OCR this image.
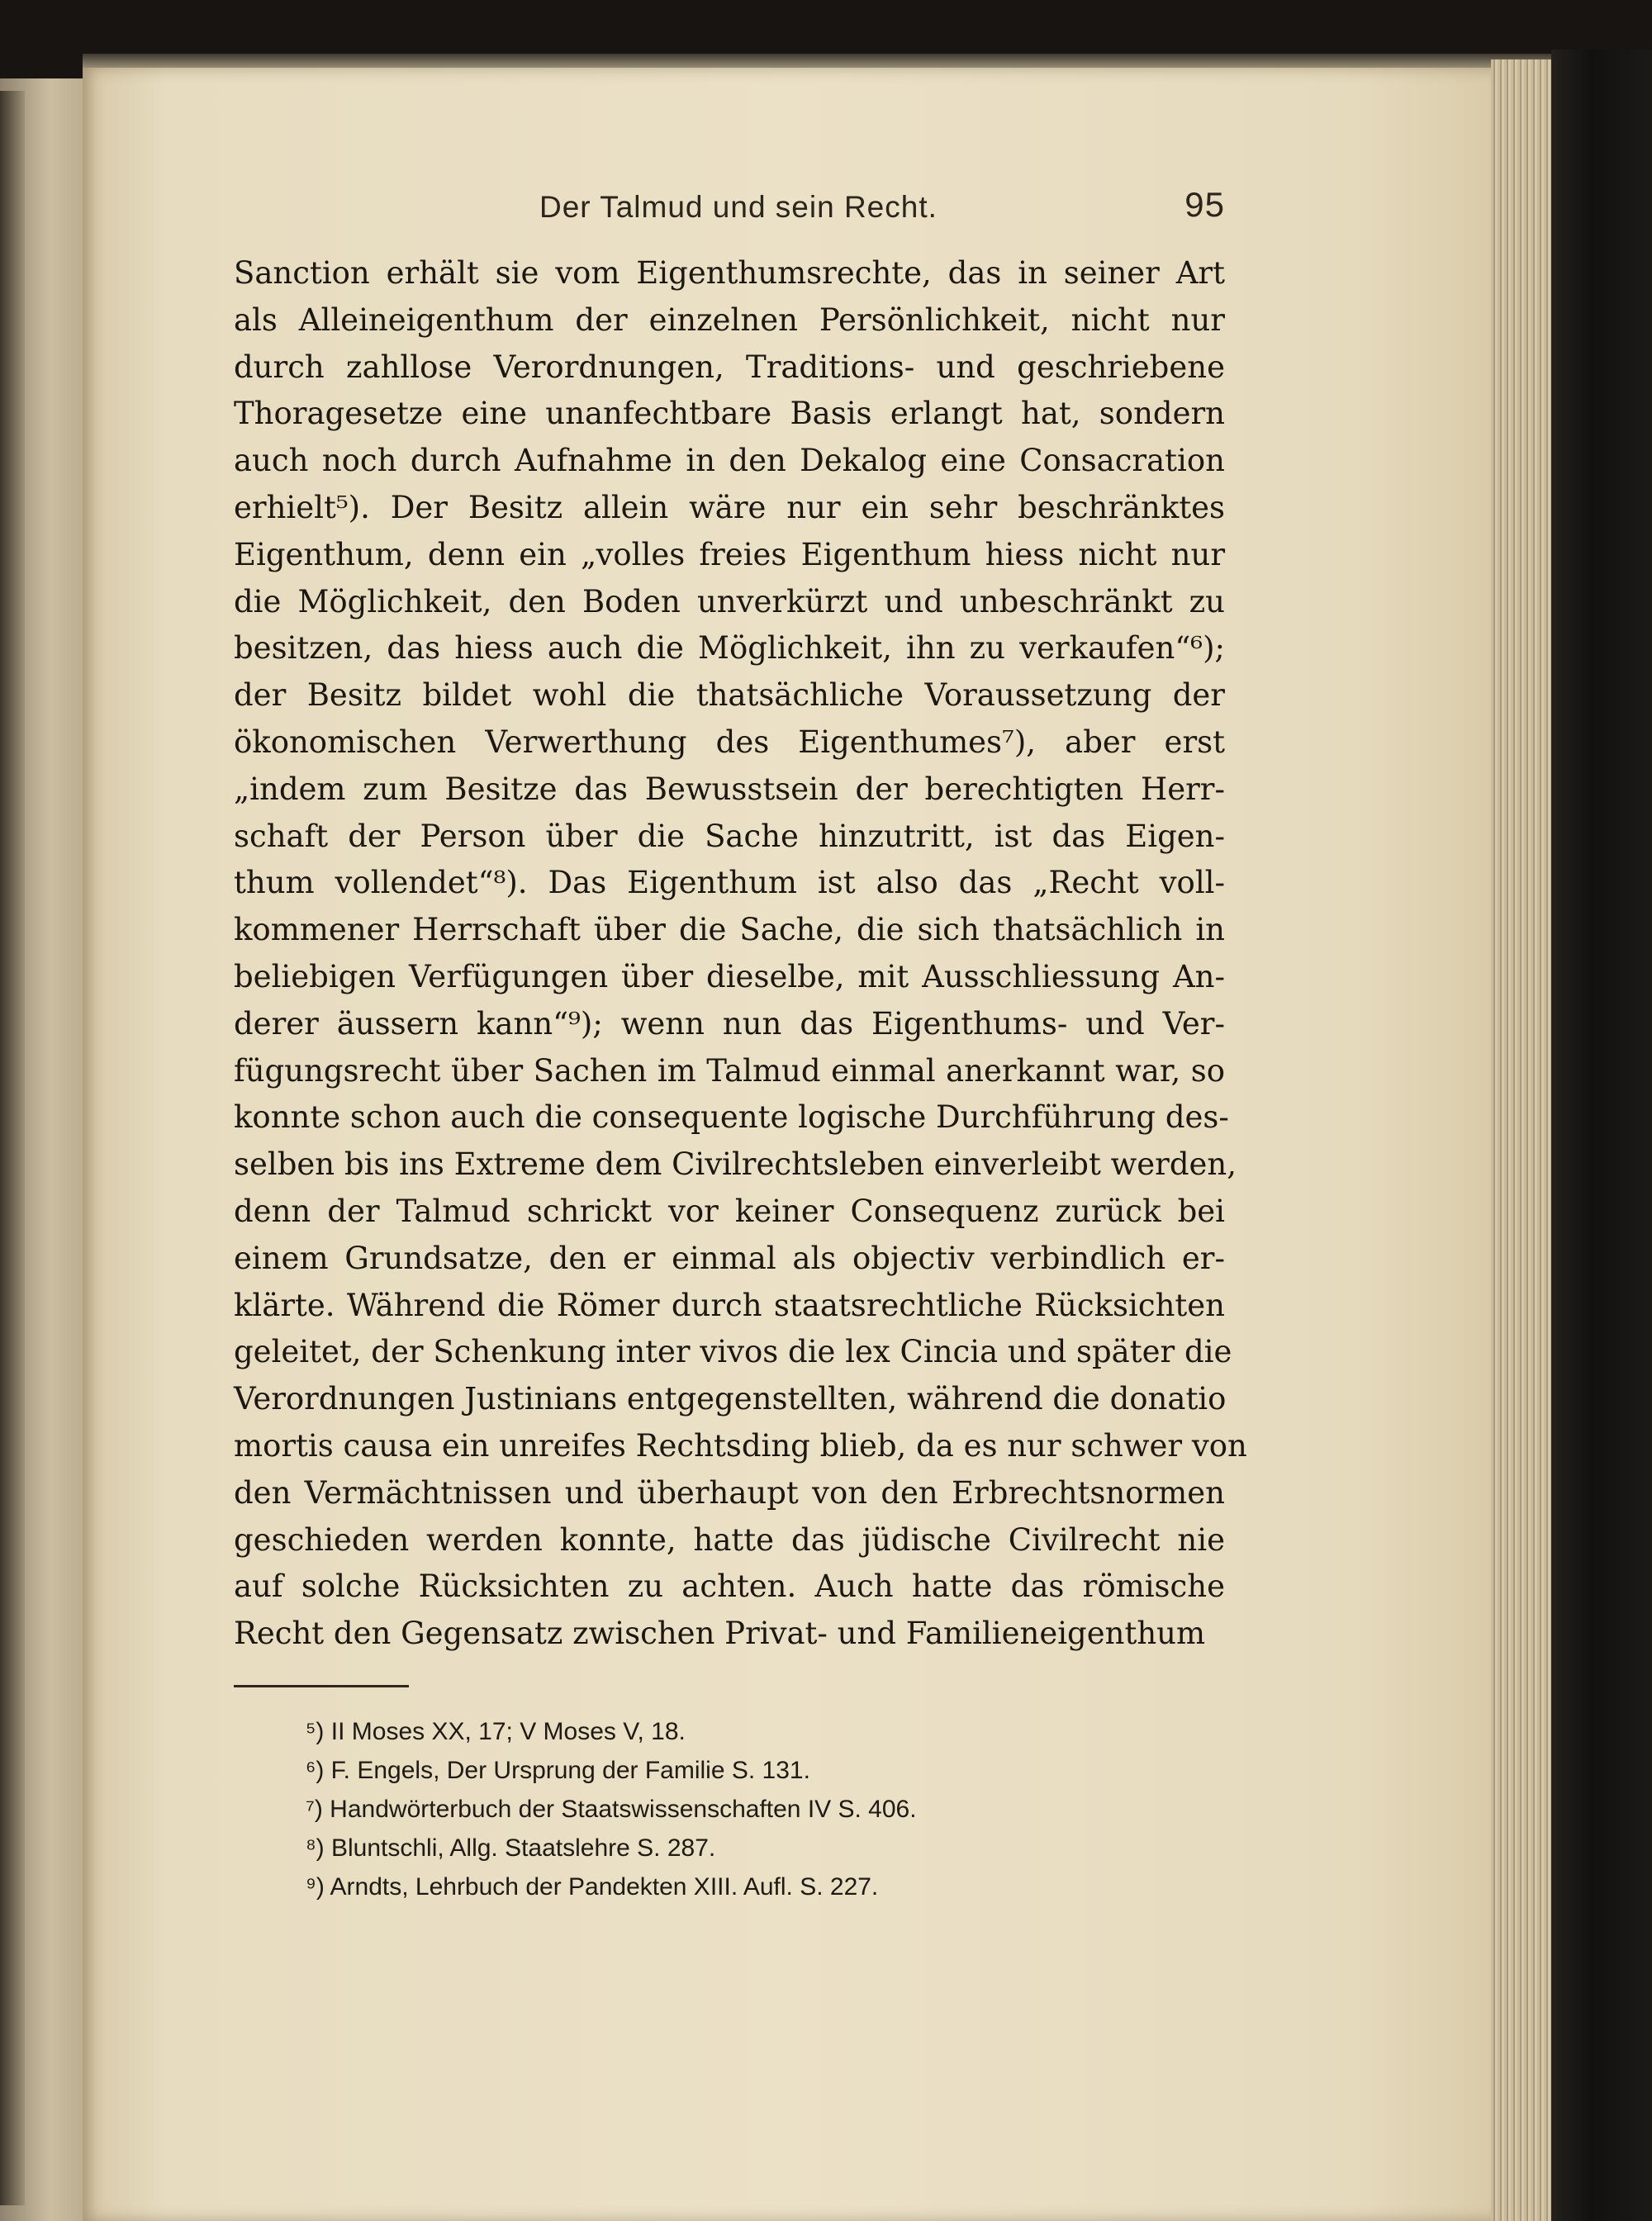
Der Talmud und sein Recht.	95
Sanction erhält sie vom Eigenthumsrechte, das in seiner Art
als Alleineigenthum der einzelnen Persönlichkeit, nicht nur
durch zahllose Verordnungen, Traditions- und geschriebene
Thoragesetze eine unanfechtbare Basis erlangt hat, sondern
auch noch durch Aufnahme in den Dekalog eine Consacration
erhielt⁵). Der Besitz allein wäre nur ein sehr beschränktes
Eigenthum, denn ein „volles freies Eigenthum hiess nicht nur
die Möglichkeit, den Boden unverkürzt und unbeschränkt zu
besitzen, das hiess auch die Möglichkeit, ihn zu verkaufen“⁶);
der Besitz bildet wohl die thatsächliche Voraussetzung der
ökonomischen Verwerthung des Eigenthumes⁷), aber erst
„indem zum Besitze das Bewusstsein der berechtigten Herr-
schaft der Person über die Sache hinzutritt, ist das Eigen-
thum vollendet“⁸). Das Eigenthum ist also das „Recht voll-
kommener Herrschaft über die Sache, die sich thatsächlich in
beliebigen Verfügungen über dieselbe, mit Ausschliessung An-
derer äussern kann“⁹); wenn nun das Eigenthums- und Ver-
fügungsrecht über Sachen im Talmud einmal anerkannt war, so
konnte schon auch die consequente logische Durchführung des-
selben bis ins Extreme dem Civilrechtsleben einverleibt werden,
denn der Talmud schrickt vor keiner Consequenz zurück bei
einem Grundsatze, den er einmal als objectiv verbindlich er-
klärte. Während die Römer durch staatsrechtliche Rücksichten
geleitet, der Schenkung inter vivos die lex Cincia und später die
Verordnungen Justinians entgegenstellten, während die donatio
mortis causa ein unreifes Rechtsding blieb, da es nur schwer von
den Vermächtnissen und überhaupt von den Erbrechtsnormen
geschieden werden konnte, hatte das jüdische Civilrecht nie
auf solche Rücksichten zu achten. Auch hatte das römische
Recht den Gegensatz zwischen Privat- und Familieneigenthum
⁵) II Moses XX, 17; V Moses V, 18.
⁶) F. Engels, Der Ursprung der Familie S. 131.
⁷) Handwörterbuch der Staatswissenschaften IV S. 406.
⁸) Bluntschli, Allg. Staatslehre S. 287.
⁹) Arndts, Lehrbuch der Pandekten XIII. Aufl. S. 227.
